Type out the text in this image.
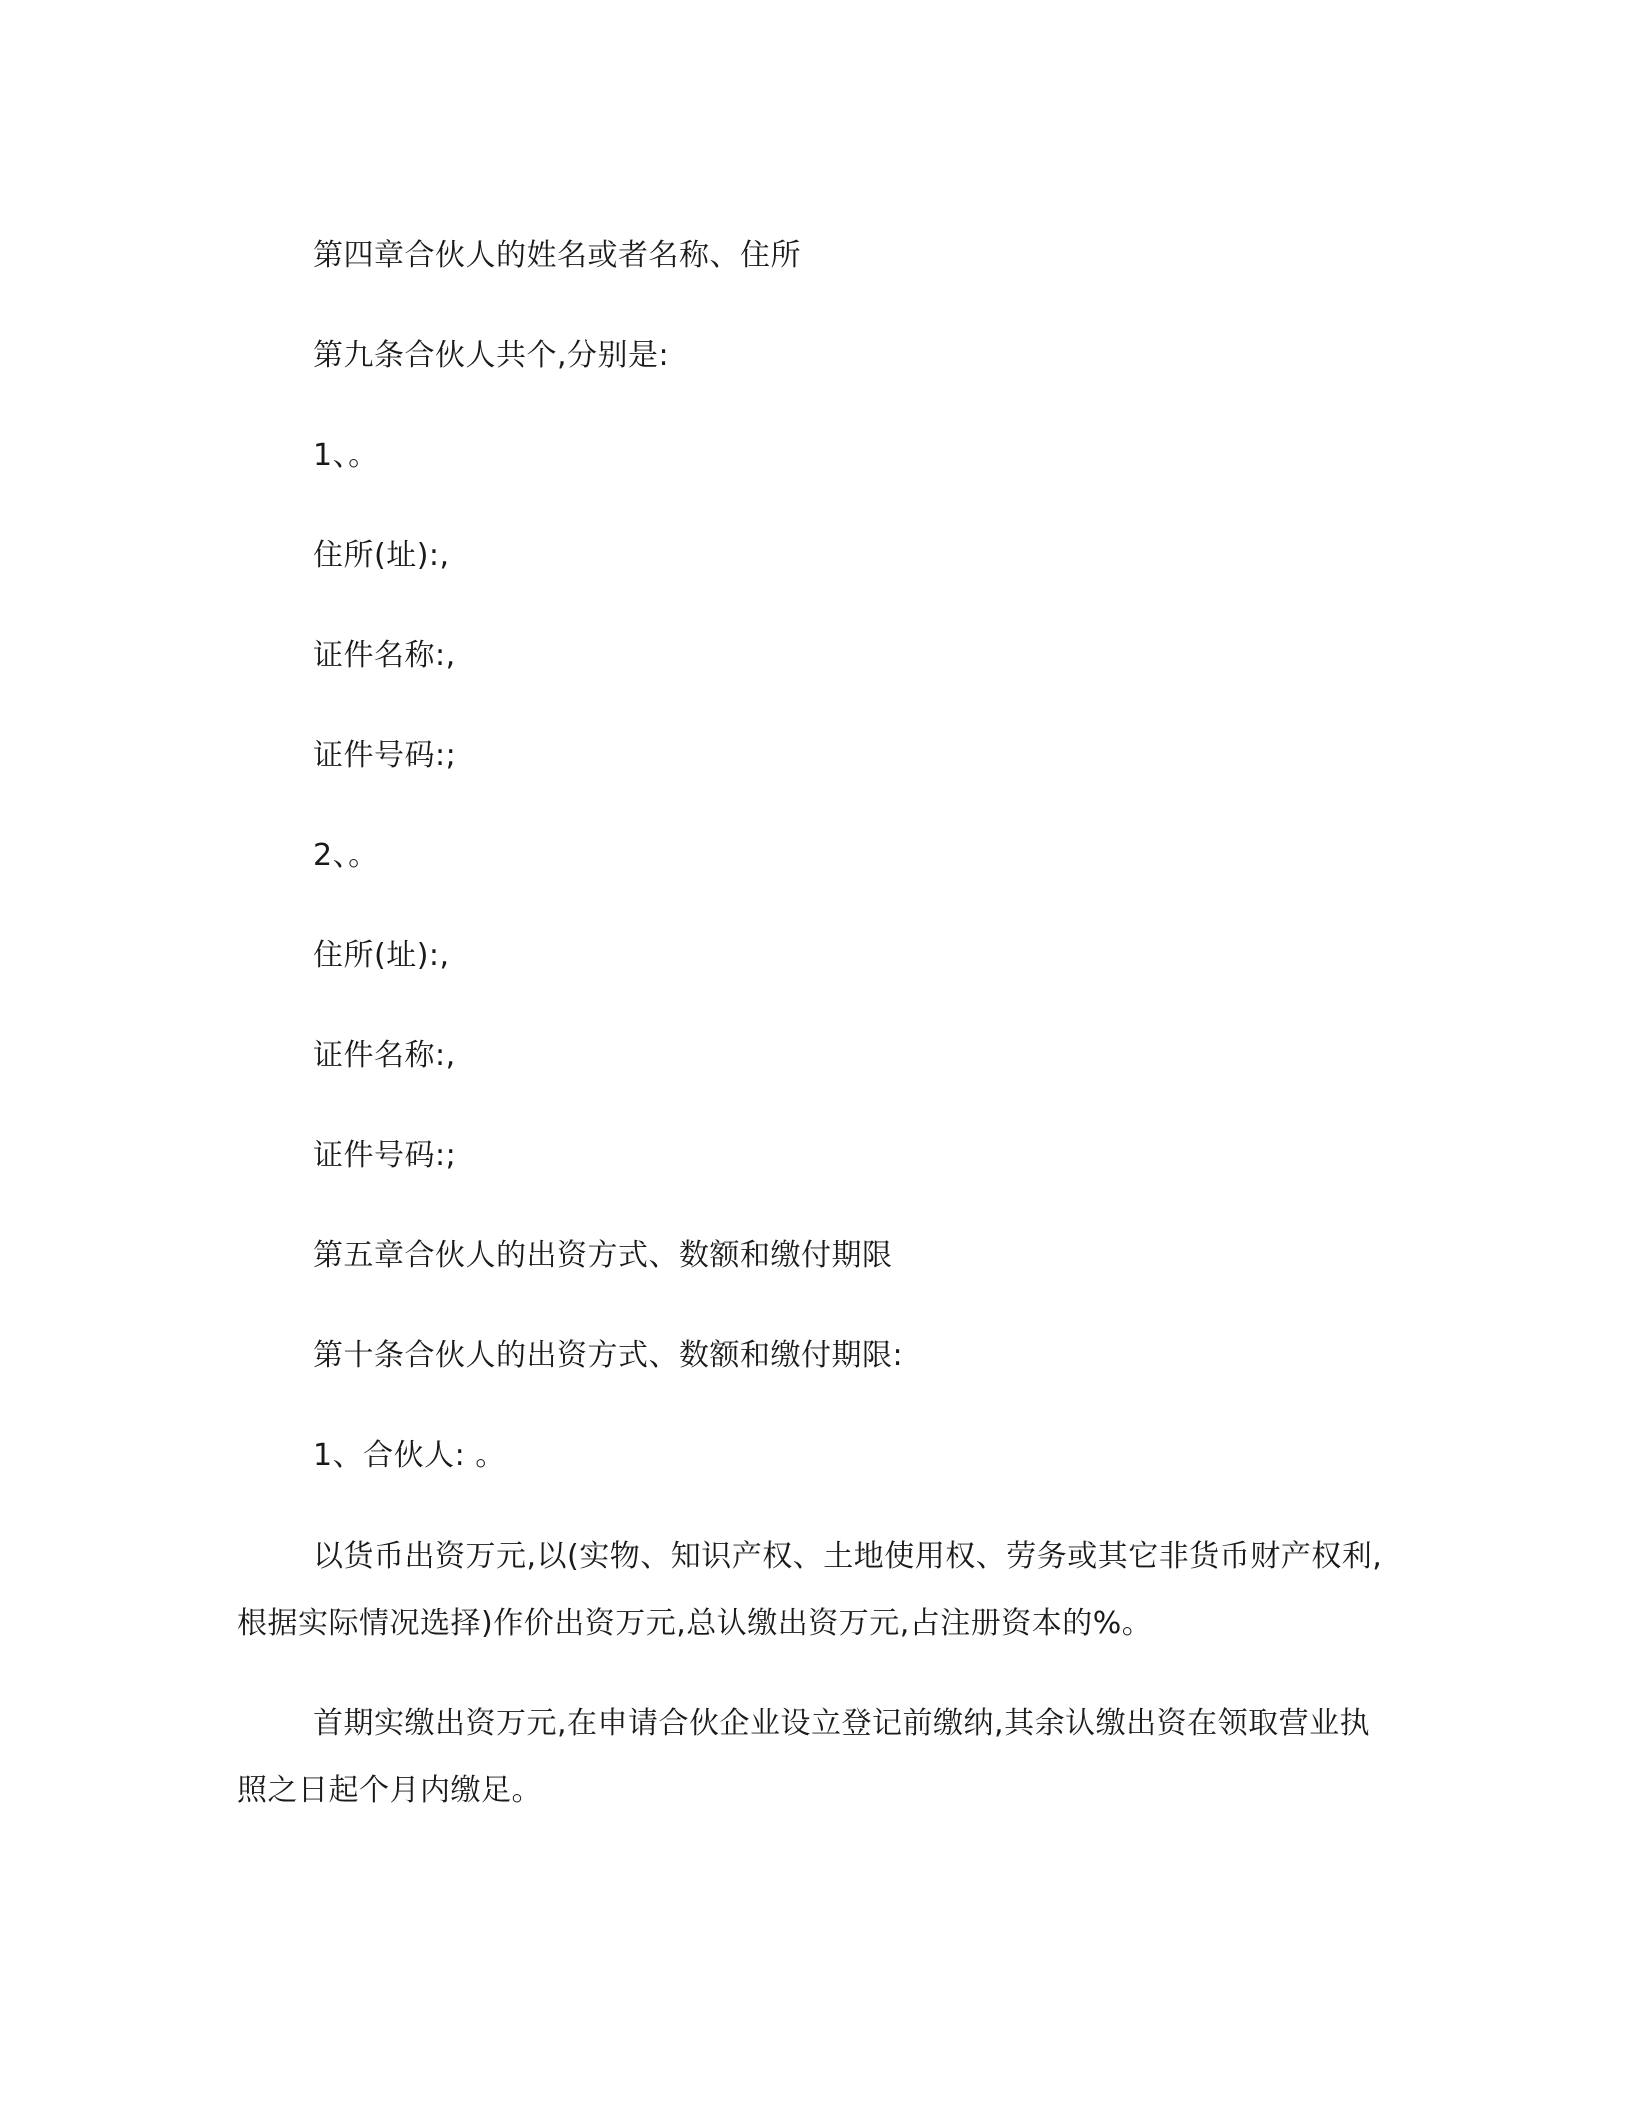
第四章合伙人的姓名或者名称、住所
第九条合伙人共个,分别是:
1、。
住所(址):,
证件名称:,
证件号码:;
2、。
住所(址):,
证件名称:,
证件号码:;
第五章合伙人的出资方式、数额和缴付期限
第十条合伙人的出资方式、数额和缴付期限:
1、合伙人: 。
以货币出资万元,以(实物、知识产权、土地使用权、劳务或其它非货币财产权利,根据实际情况选择)作价出资万元,总认缴出资万元,占注册资本的%。
首期实缴出资万元,在申请合伙企业设立登记前缴纳,其余认缴出资在领取营业执照之日起个月内缴足。
